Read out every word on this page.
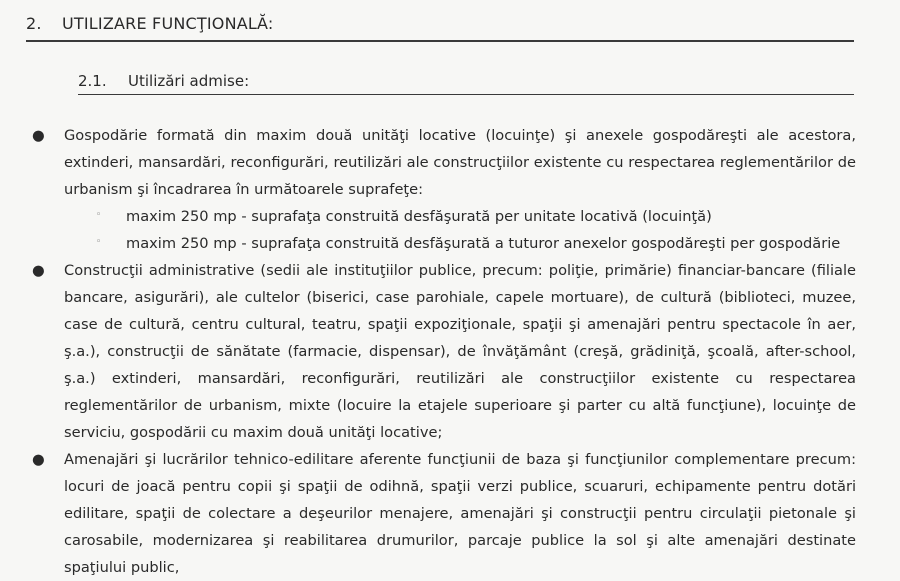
2.	UTILIZARE FUNCŢIONALĂ:
2.1.	Utilizări admise:
● Gospodărie formată din maxim două unităţi locative (locuinţe) şi anexele gospodăreşti ale acestora, extinderi, mansardări, reconfigurări, reutilizări ale construcţiilor existente cu respectarea reglementărilor de urbanism şi încadrarea în următoarele suprafeţe:

◦ maxim 250 mp - suprafaţa construită desfăşurată per unitate locativă (locuinţă)

◦ maxim 250 mp - suprafaţa construită desfăşurată a tuturor anexelor gospodăreşti per gospodărie

● Construcţii administrative (sedii ale instituţiilor publice, precum: poliţie, primărie) financiar-bancare (filiale bancare, asigurări), ale cultelor (biserici, case parohiale, capele mortuare), de cultură (biblioteci, muzee, case de cultură, centru cultural, teatru, spaţii expoziţionale, spaţii şi amenajări pentru spectacole în aer, ş.a.), construcţii de sănătate (farmacie, dispensar), de învăţământ (creşă, grădiniţă, şcoală, after-school, ş.a.) extinderi, mansardări, reconfigurări, reutilizări ale construcţiilor existente cu respectarea reglementărilor de urbanism, mixte (locuire la etajele superioare şi parter cu altă funcţiune), locuinţe de serviciu, gospodării cu maxim două unităţi locative;

● Amenajări şi lucrărilor tehnico-edilitare aferente funcţiunii de baza şi funcţiunilor complementare precum: locuri de joacă pentru copii şi spaţii de odihnă, spaţii verzi publice, scuaruri, echipamente pentru dotări edilitare, spaţii de colectare a deşeurilor menajere, amenajări şi construcţii pentru circulaţii pietonale şi carosabile, modernizarea şi reabilitarea drumurilor, parcaje publice la sol şi alte amenajări destinate spaţiului public,
